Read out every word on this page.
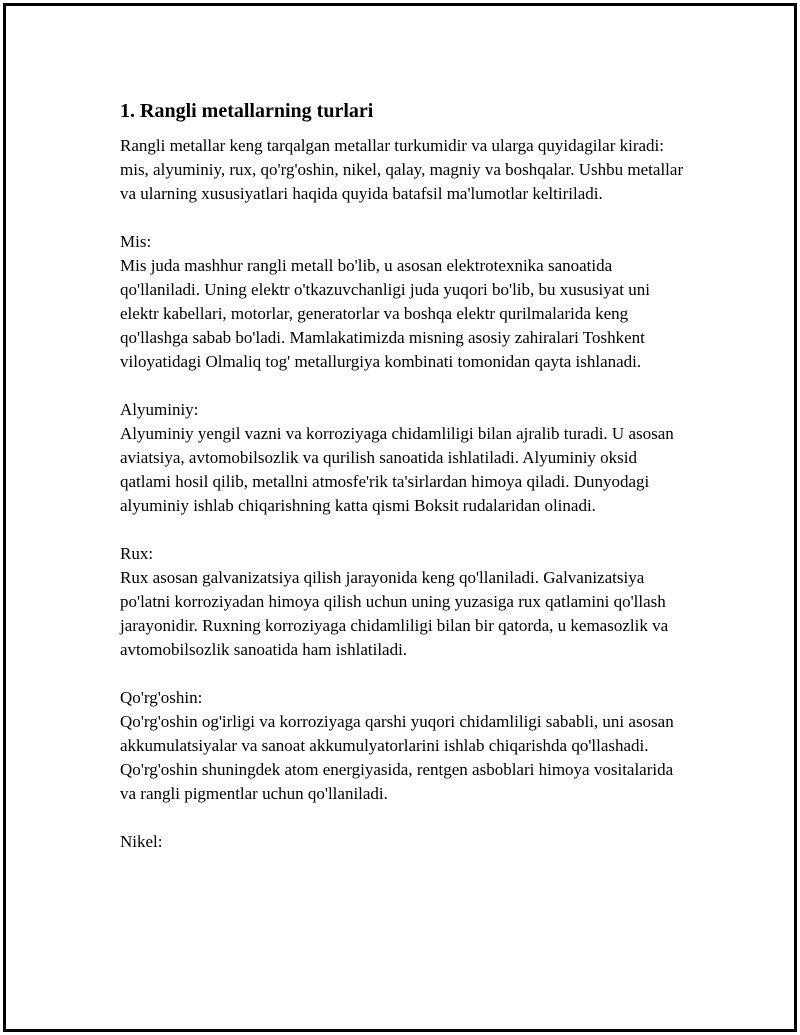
1. Rangli metallarning turlari
Rangli metallar keng tarqalgan metallar turkumidir va ularga quyidagilar kiradi: mis, alyuminiy, rux, qo'rg'oshin, nikel, qalay, magniy va boshqalar. Ushbu metallar va ularning xususiyatlari haqida quyida batafsil ma'lumotlar keltiriladi.
Mis:
Mis juda mashhur rangli metall bo'lib, u asosan elektrotexnika sanoatida qo'llaniladi. Uning elektr o'tkazuvchanligi juda yuqori bo'lib, bu xususiyat uni elektr kabellari, motorlar, generatorlar va boshqa elektr qurilmalarida keng qo'llashga sabab bo'ladi. Mamlakatimizda misning asosiy zahiralari Toshkent viloyatidagi Olmaliq tog' metallurgiya kombinati tomonidan qayta ishlanadi.
Alyuminiy:
Alyuminiy yengil vazni va korroziyaga chidamliligi bilan ajralib turadi. U asosan aviatsiya, avtomobilsozlik va qurilish sanoatida ishlatiladi. Alyuminiy oksid qatlami hosil qilib, metallni atmosfe'rik ta'sirlardan himoya qiladi. Dunyodagi alyuminiy ishlab chiqarishning katta qismi Boksit rudalaridan olinadi.
Rux:
Rux asosan galvanizatsiya qilish jarayonida keng qo'llaniladi. Galvanizatsiya po'latni korroziyadan himoya qilish uchun uning yuzasiga rux qatlamini qo'llash jarayonidir. Ruxning korroziyaga chidamliligi bilan bir qatorda, u kemasozlik va avtomobilsozlik sanoatida ham ishlatiladi.
Qo'rg'oshin:
Qo'rg'oshin og'irligi va korroziyaga qarshi yuqori chidamliligi sababli, uni asosan akkumulatsiyalar va sanoat akkumulyatorlarini ishlab chiqarishda qo'llashadi. Qo'rg'oshin shuningdek atom energiyasida, rentgen asboblari himoya vositalarida va rangli pigmentlar uchun qo'llaniladi.
Nikel:
